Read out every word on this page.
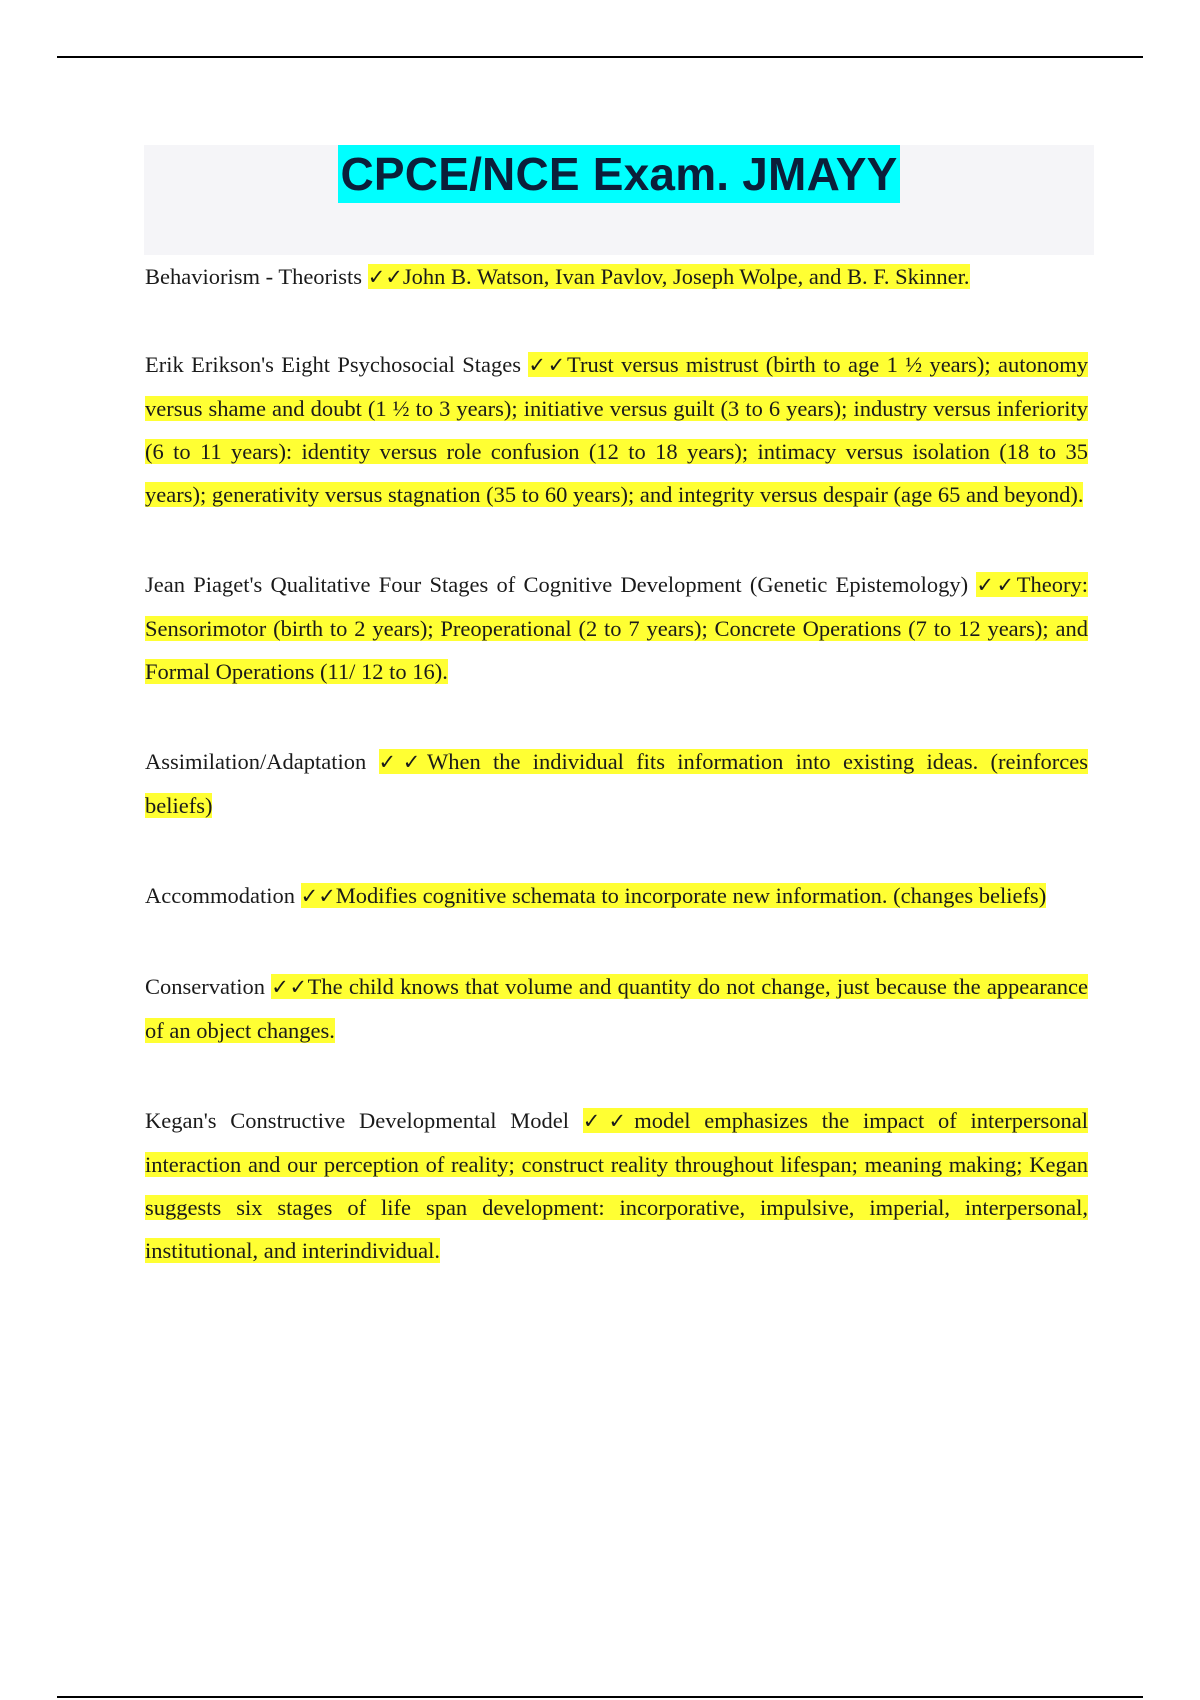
CPCE/NCE Exam. JMAYY

Behaviorism - Theorists ✓✓John B. Watson, Ivan Pavlov, Joseph Wolpe, and B. F. Skinner.

Erik Erikson's Eight Psychosocial Stages ✓✓Trust versus mistrust (birth to age 1 ½ years); autonomy versus shame and doubt (1 ½ to 3 years); initiative versus guilt (3 to 6 years); industry versus inferiority (6 to 11 years): identity versus role confusion (12 to 18 years); intimacy versus isolation (18 to 35 years); generativity versus stagnation (35 to 60 years); and integrity versus despair (age 65 and beyond).

Jean Piaget's Qualitative Four Stages of Cognitive Development (Genetic Epistemology) ✓✓Theory: Sensorimotor (birth to 2 years); Preoperational (2 to 7 years); Concrete Operations (7 to 12 years); and Formal Operations (11/ 12 to 16).

Assimilation/Adaptation ✓✓When the individual fits information into existing ideas. (reinforces beliefs)

Accommodation ✓✓Modifies cognitive schemata to incorporate new information. (changes beliefs)

Conservation ✓✓The child knows that volume and quantity do not change, just because the appearance of an object changes.

Kegan's Constructive Developmental Model ✓✓model emphasizes the impact of interpersonal interaction and our perception of reality; construct reality throughout lifespan; meaning making; Kegan suggests six stages of life span development: incorporative, impulsive, imperial, interpersonal, institutional, and interindividual.
